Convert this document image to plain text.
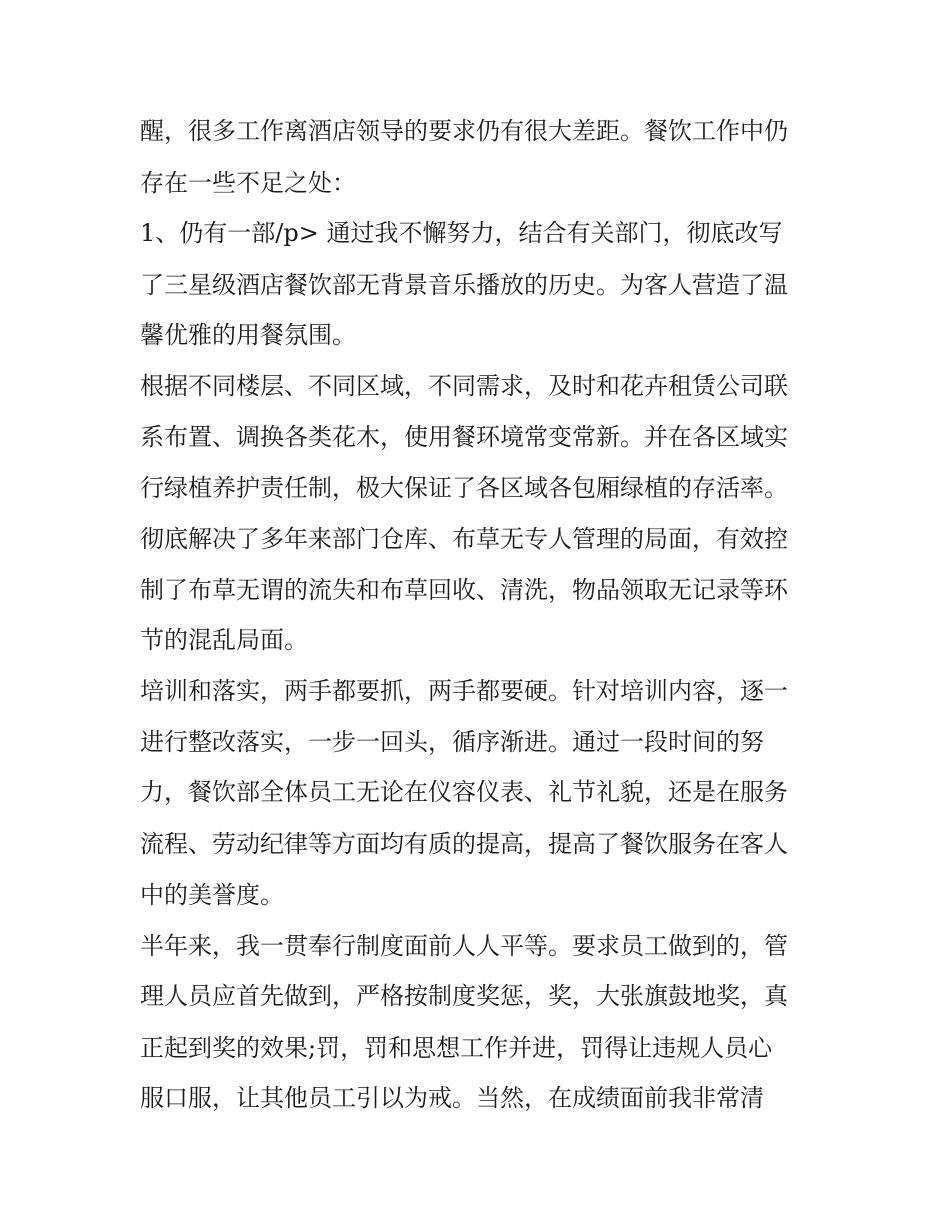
醒，很多工作离酒店领导的要求仍有很大差距。餐饮工作中仍
存在一些不足之处：
1、仍有一部/p> 通过我不懈努力，结合有关部门，彻底改写
了三星级酒店餐饮部无背景音乐播放的历史。为客人营造了温
馨优雅的用餐氛围。
根据不同楼层、不同区域，不同需求，及时和花卉租赁公司联
系布置、调换各类花木，使用餐环境常变常新。并在各区域实
行绿植养护责任制，极大保证了各区域各包厢绿植的存活率。
彻底解决了多年来部门仓库、布草无专人管理的局面，有效控
制了布草无谓的流失和布草回收、清洗，物品领取无记录等环
节的混乱局面。
培训和落实，两手都要抓，两手都要硬。针对培训内容，逐一
进行整改落实，一步一回头，循序渐进。通过一段时间的努
力，餐饮部全体员工无论在仪容仪表、礼节礼貌，还是在服务
流程、劳动纪律等方面均有质的提高，提高了餐饮服务在客人
中的美誉度。
半年来，我一贯奉行制度面前人人平等。要求员工做到的，管
理人员应首先做到，严格按制度奖惩，奖，大张旗鼓地奖，真
正起到奖的效果;罚，罚和思想工作并进，罚得让违规人员心
服口服，让其他员工引以为戒。当然，在成绩面前我非常清
